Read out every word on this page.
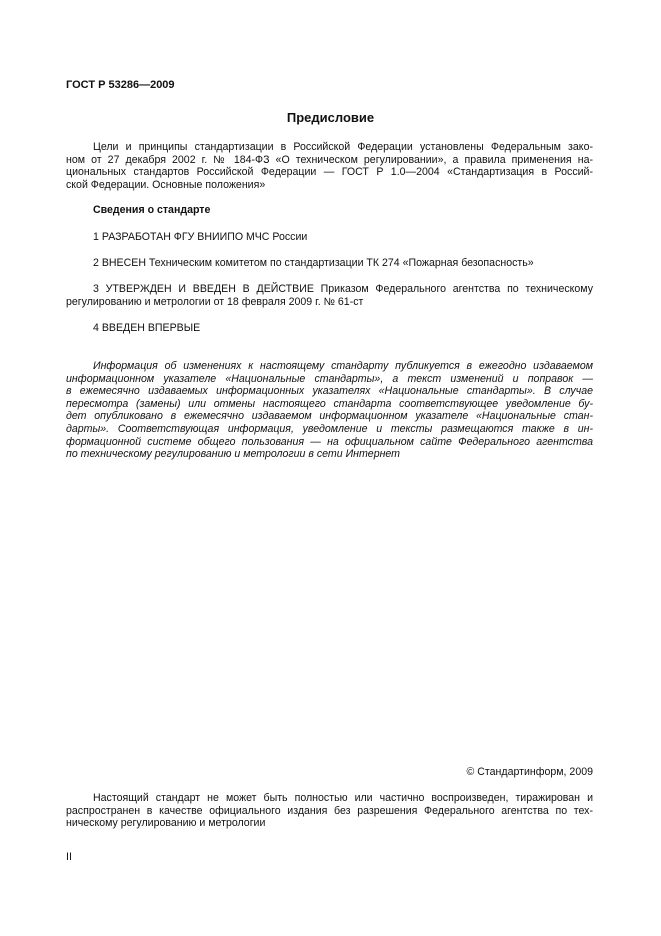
ГОСТ Р 53286—2009
Предисловие
Цели и принципы стандартизации в Российской Федерации установлены Федеральным зако-
ном от 27 декабря 2002 г. № 184-ФЗ «О техническом регулировании», а правила применения на-
циональных стандартов Российской Федерации — ГОСТ Р 1.0—2004 «Стандартизация в Россий-
ской Федерации. Основные положения»
Сведения о стандарте
1 РАЗРАБОТАН ФГУ ВНИИПО МЧС России
2 ВНЕСЕН Техническим комитетом по стандартизации ТК 274 «Пожарная безопасность»
3 УТВЕРЖДЕН И ВВЕДЕН В ДЕЙСТВИЕ Приказом Федерального агентства по техническому
регулированию и метрологии от 18 февраля 2009 г. № 61-ст
4 ВВЕДЕН ВПЕРВЫЕ
Информация об изменениях к настоящему стандарту публикуется в ежегодно издаваемом
информационном указателе «Национальные стандарты», а текст изменений и поправок —
в ежемесячно издаваемых информационных указателях «Национальные стандарты». В случае
пересмотра (замены) или отмены настоящего стандарта соответствующее уведомление бу-
дет опубликовано в ежемесячно издаваемом информационном указателе «Национальные стан-
дарты». Соответствующая информация, уведомление и тексты размещаются также в ин-
формационной системе общего пользования — на официальном сайте Федерального агентства
по техническому регулированию и метрологии в сети Интернет
© Стандартинформ, 2009
Настоящий стандарт не может быть полностью или частично воспроизведен, тиражирован и
распространен в качестве официального издания без разрешения Федерального агентства по тех-
ническому регулированию и метрологии
II
